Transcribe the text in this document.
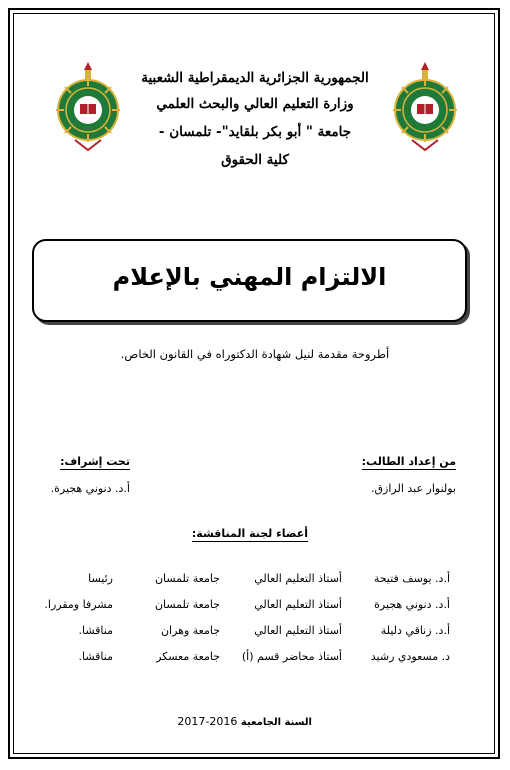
الجمهورية الجزائرية الديمقراطية الشعبية
وزارة التعليم العالي والبحث العلمي
جامعة " أبو بكر بلقايد"- تلمسان -
كلية الحقوق
الالتزام المهني بالإعلام
أطروحة مقدمة لنيل شهادة الدكتوراه في القانون الخاص.
من إعداد الطالب:
بولنوار عبد الرازق.
تحت إشراف:
أ.د. دنوني هجيرة.
أعضاء لجنة المناقشة:
أ.د. يوسف فتيحة
أستاذ التعليم العالي
جامعة تلمسان
رئيسا
أ.د. دنوني هجيرة
أستاذ التعليم العالي
جامعة تلمسان
مشرفا ومقررا.
أ.د. زناقي دليلة
أستاذ التعليم العالي
جامعة وهران
مناقشا.
د. مسعودي رشيد
أستاذ محاضر قسم (أ)
جامعة معسكر
مناقشا.
السنة الجامعية 2016-2017
